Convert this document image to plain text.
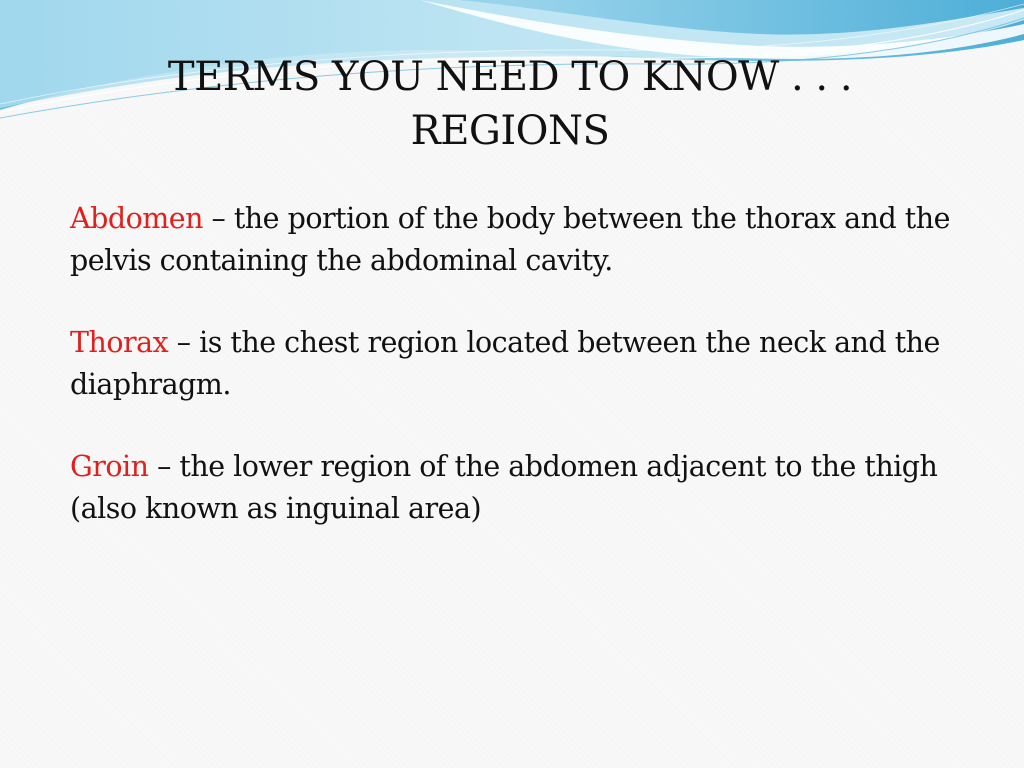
TERMS YOU NEED TO KNOW . . .
REGIONS

Abdomen – the portion of the body between the thorax and the pelvis containing the abdominal cavity.

Thorax – is the chest region located between the neck and the diaphragm.

Groin – the lower region of the abdomen adjacent to the thigh (also known as inguinal area)
